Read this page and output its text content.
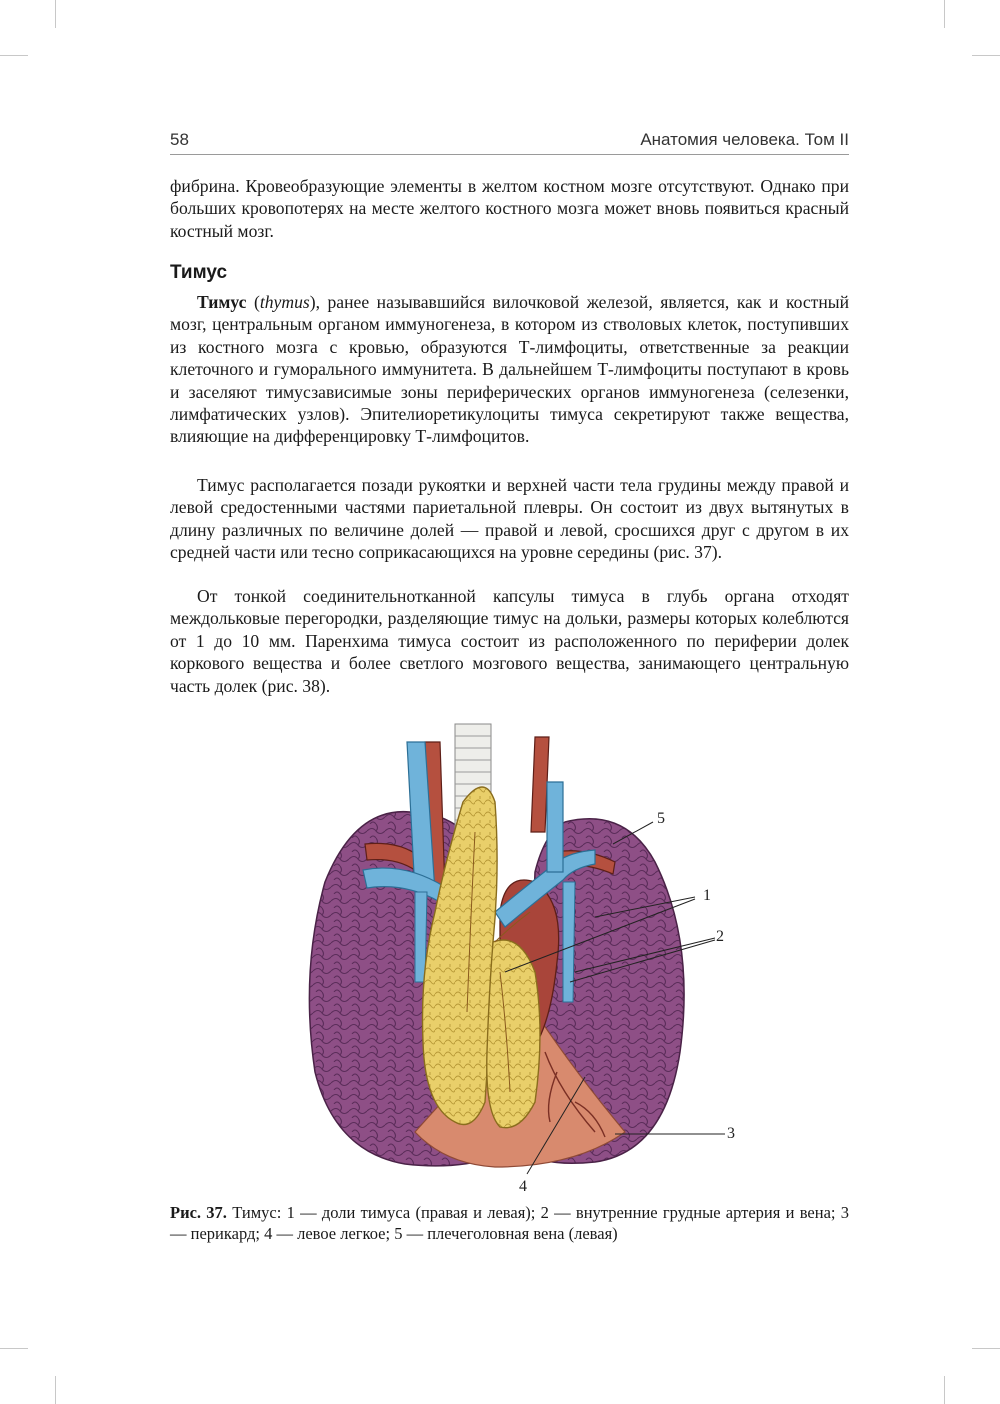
58	Анатомия человека. Том II
фибрина. Кровеобразующие элементы в желтом костном мозге отсутствуют. Однако при больших кровопотерях на месте желтого костного мозга может вновь появиться красный костный мозг.
Тимус
Тимус (thymus), ранее называвшийся вилочковой железой, является, как и костный мозг, центральным органом иммуногенеза, в котором из стволовых клеток, поступивших из костного мозга с кровью, образуются Т-лимфоциты, ответственные за реакции клеточного и гуморального иммунитета. В дальнейшем Т-лимфоциты поступают в кровь и заселяют тимусзависимые зоны периферических органов иммуногенеза (селезенки, лимфатических узлов). Эпителиоретикулоциты тимуса секретируют также вещества, влияющие на дифференцировку Т-лимфоцитов.
Тимус располагается позади рукоятки и верхней части тела грудины между правой и левой средостенными частями париетальной плевры. Он состоит из двух вытянутых в длину различных по величине долей — правой и левой, сросшихся друг с другом в их средней части или тесно соприкасающихся на уровне середины (рис. 37).
От тонкой соединительнотканной капсулы тимуса в глубь органа отходят междольковые перегородки, разделяющие тимус на дольки, размеры которых колеблются от 1 до 10 мм. Паренхима тимуса состоит из расположенного по периферии долек коркового вещества и более светлого мозгового вещества, занимающего центральную часть долек (рис. 38).
5
1
2
3
4
Рис. 37. Тимус: 1 — доли тимуса (правая и левая); 2 — внутренние грудные артерия и вена; 3 — перикард; 4 — левое легкое; 5 — плечеголовная вена (левая)
